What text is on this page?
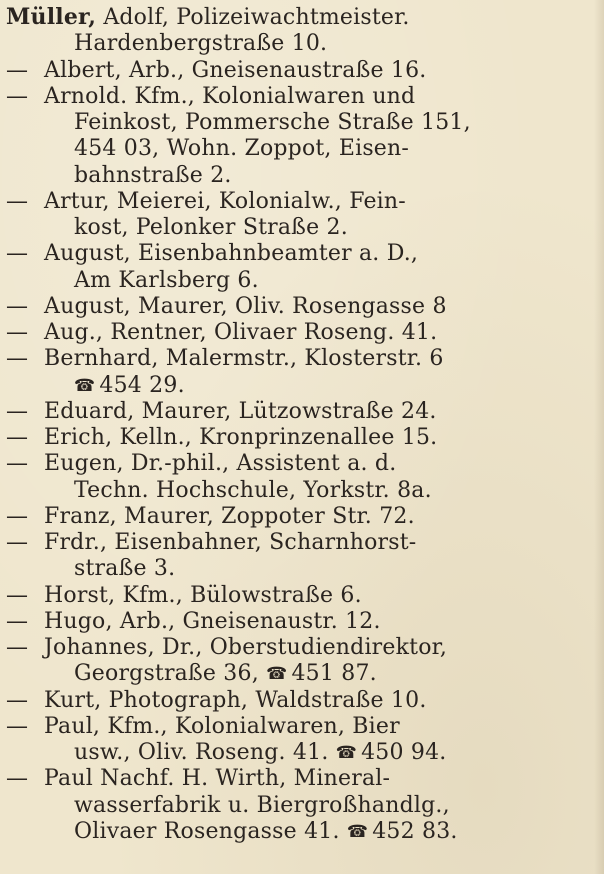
Müller, Adolf, Polizeiwachtmeister.
Hardenbergstraße 10.
— Albert, Arb., Gneisenaustraße 16.
— Arnold. Kfm., Kolonialwaren und
Feinkost, Pommersche Straße 151,
454 03, Wohn. Zoppot, Eisen-
bahnstraße 2.
— Artur, Meierei, Kolonialw., Fein-
kost, Pelonker Straße 2.
— August, Eisenbahnbeamter a. D.,
Am Karlsberg 6.
— August, Maurer, Oliv. Rosengasse 8
— Aug., Rentner, Olivaer Roseng. 41.
— Bernhard, Malermstr., Klosterstr. 6
☎ 454 29.
— Eduard, Maurer, Lützowstraße 24.
— Erich, Kelln., Kronprinzenallee 15.
— Eugen, Dr.-phil., Assistent a. d.
Techn. Hochschule, Yorkstr. 8a.
— Franz, Maurer, Zoppoter Str. 72.
— Frdr., Eisenbahner, Scharnhorst-
straße 3.
— Horst, Kfm., Bülowstraße 6.
— Hugo, Arb., Gneisenaustr. 12.
— Johannes, Dr., Oberstudiendirektor,
Georgstraße 36, ☎ 451 87.
— Kurt, Photograph, Waldstraße 10.
— Paul, Kfm., Kolonialwaren, Bier
usw., Oliv. Roseng. 41. ☎ 450 94.
— Paul Nachf. H. Wirth, Mineral-
wasserfabrik u. Biergroßhandlg.,
Olivaer Rosengasse 41. ☎ 452 83.
